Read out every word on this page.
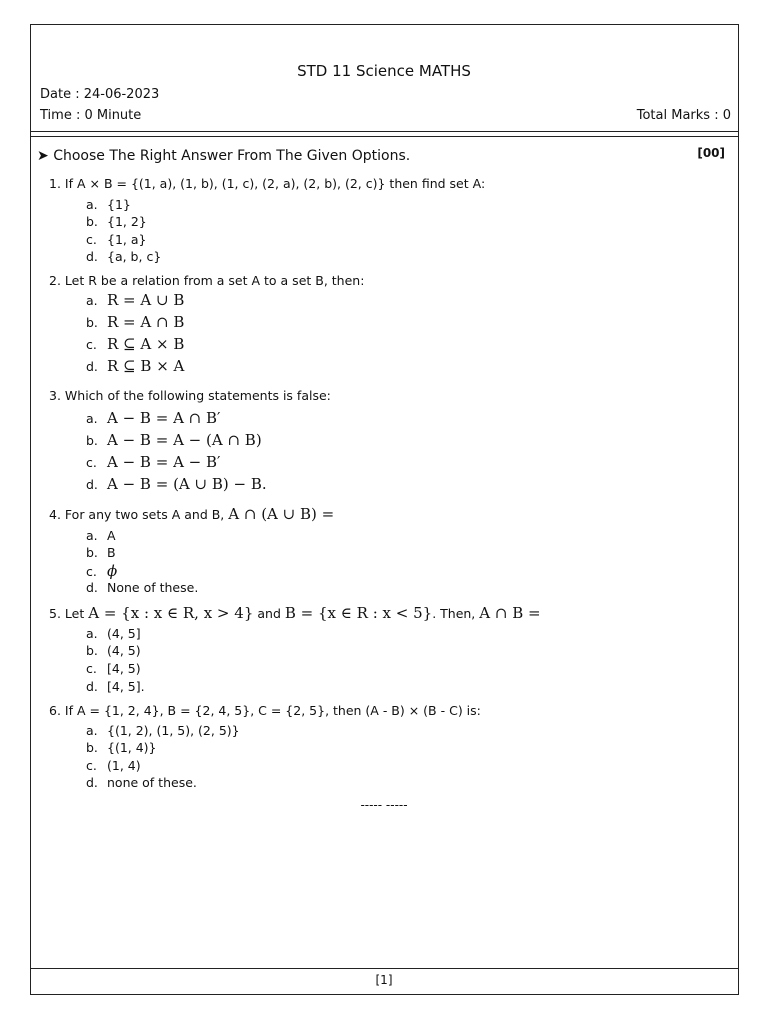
STD 11 Science MATHS
Date : 24-06-2023
Time : 0 Minute	Total Marks : 0
➤ Choose The Right Answer From The Given Options.	[00]
1. If A × B = {(1, a), (1, b), (1, c), (2, a), (2, b), (2, c)} then find set A:
a. {1}
b. {1, 2}
c. {1, a}
d. {a, b, c}
2. Let R be a relation from a set A to a set B, then:
a. R = A ∪ B
b. R = A ∩ B
c. R ⊆ A × B
d. R ⊆ B × A
3. Which of the following statements is false:
a. A − B = A ∩ B′
b. A − B = A − (A ∩ B)
c. A − B = A − B′
d. A − B = (A ∪ B) − B.
4. For any two sets A and B, A ∩ (A ∪ B) =
a. A
b. B
c. ϕ
d. None of these.
5. Let A = {x : x ∈ R, x > 4} and B = {x ∈ R : x < 5}. Then, A ∩ B =
a. (4, 5]
b. (4, 5)
c. [4, 5)
d. [4, 5].
6. If A = {1, 2, 4}, B = {2, 4, 5}, C = {2, 5}, then (A - B) × (B - C) is:
a. {(1, 2), (1, 5), (2, 5)}
b. {(1, 4)}
c. (1, 4)
d. none of these.
----- -----
[1]
